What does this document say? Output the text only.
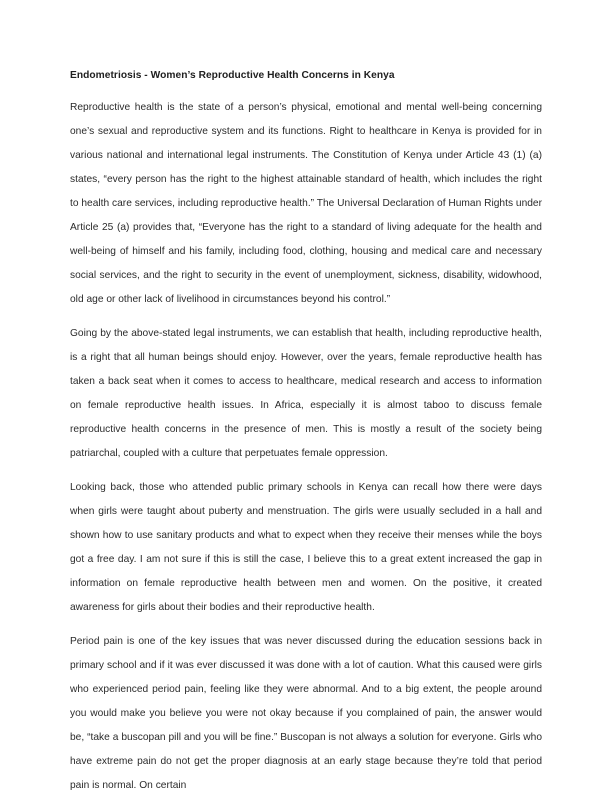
Endometriosis - Women’s Reproductive Health Concerns in Kenya

Reproductive health is the state of a person’s physical, emotional and mental well-being concerning one’s sexual and reproductive system and its functions. Right to healthcare in Kenya is provided for in various national and international legal instruments. The Constitution of Kenya under Article 43 (1) (a) states, “every person has the right to the highest attainable standard of health, which includes the right to health care services, including reproductive health.” The Universal Declaration of Human Rights under Article 25 (a) provides that, “Everyone has the right to a standard of living adequate for the health and well-being of himself and his family, including food, clothing, housing and medical care and necessary social services, and the right to security in the event of unemployment, sickness, disability, widowhood, old age or other lack of livelihood in circumstances beyond his control.”

Going by the above-stated legal instruments, we can establish that health, including reproductive health, is a right that all human beings should enjoy. However, over the years, female reproductive health has taken a back seat when it comes to access to healthcare, medical research and access to information on female reproductive health issues. In Africa, especially it is almost taboo to discuss female reproductive health concerns in the presence of men. This is mostly a result of the society being patriarchal, coupled with a culture that perpetuates female oppression.

Looking back, those who attended public primary schools in Kenya can recall how there were days when girls were taught about puberty and menstruation. The girls were usually secluded in a hall and shown how to use sanitary products and what to expect when they receive their menses while the boys got a free day. I am not sure if this is still the case, I believe this to a great extent increased the gap in information on female reproductive health between men and women. On the positive, it created awareness for girls about their bodies and their reproductive health.

Period pain is one of the key issues that was never discussed during the education sessions back in primary school and if it was ever discussed it was done with a lot of caution. What this caused were girls who experienced period pain, feeling like they were abnormal. And to a big extent, the people around you would make you believe you were not okay because if you complained of pain, the answer would be, “take a buscopan pill and you will be fine.” Buscopan is not always a solution for everyone. Girls who have extreme pain do not get the proper diagnosis at an early stage because they’re told that period pain is normal. On certain
